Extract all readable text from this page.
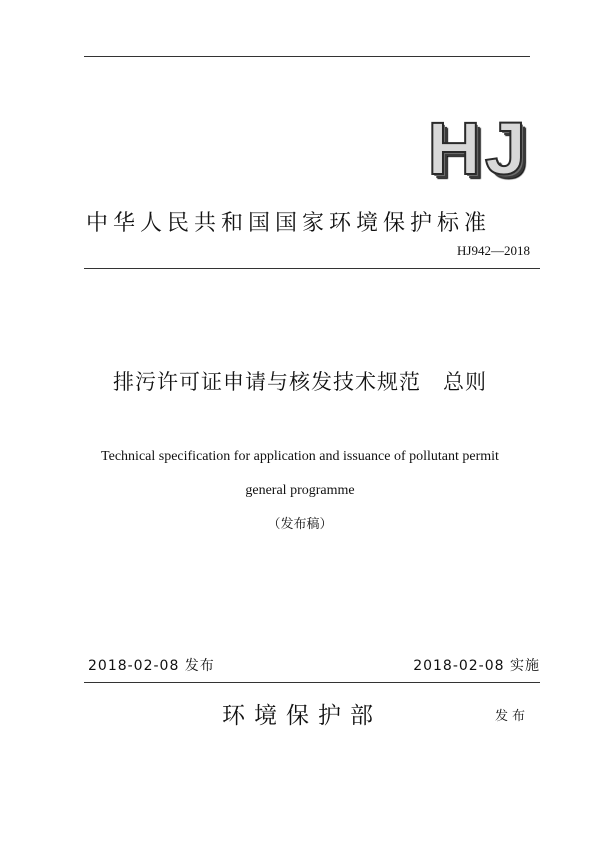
HJ
中华人民共和国国家环境保护标准
HJ942—2018
排污许可证申请与核发技术规范　总则
Technical specification for application and issuance of pollutant permit
general programme
（发布稿）
2018-02-08 发布	2018-02-08 实施
环境保护部	发布
